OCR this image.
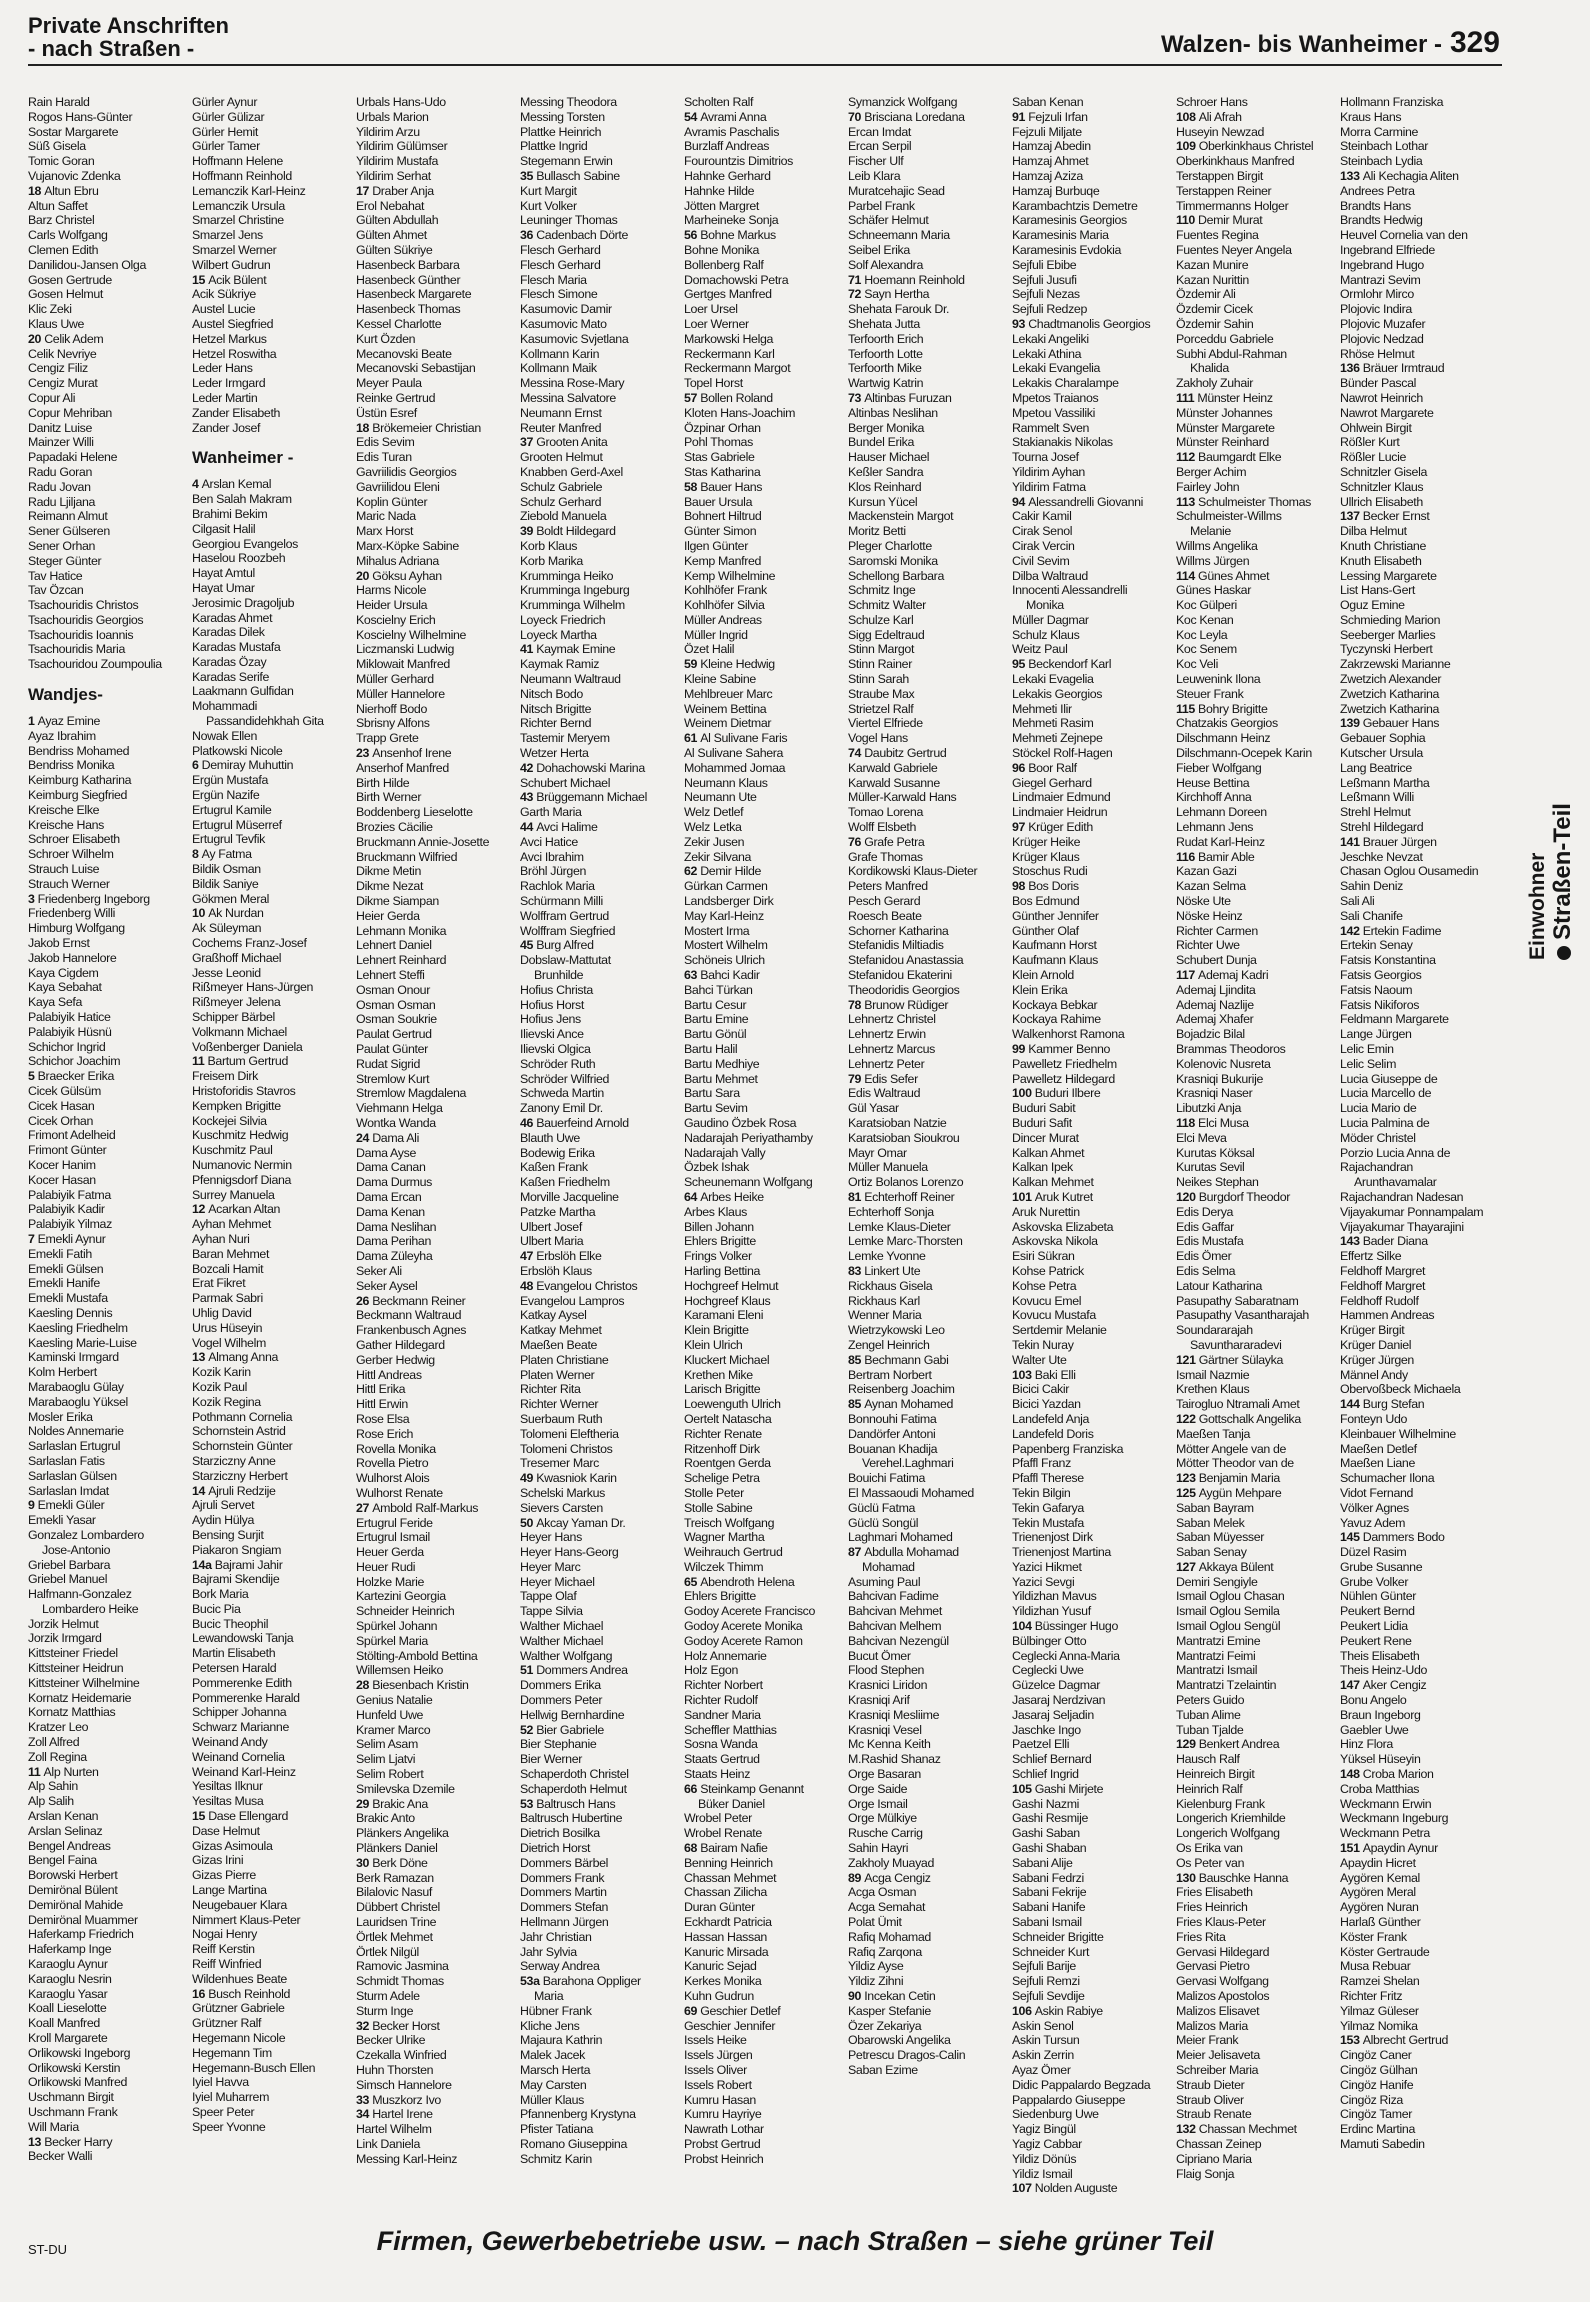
Private Anschriften
- nach Straßen -	Walzen- bis Wanheimer - 329
Rain Harald
Rogos Hans-Günter
Sostar Margarete
Süß Gisela
Tomic Goran
Vujanovic Zdenka
18 Altun Ebru
Altun Saffet
Barz Christel
Carls Wolfgang
Clemen Edith
Danilidou-Jansen Olga
Gosen Gertrude
Gosen Helmut
Klic Zeki
Klaus Uwe
20 Celik Adem
Celik Nevriye
Cengiz Filiz
Cengiz Murat
Copur Ali
Copur Mehriban
Danitz Luise
Mainzer Willi
Papadaki Helene
Radu Goran
Radu Jovan
Radu Ljiljana
Reimann Almut
Sener Gülseren
Sener Orhan
Steger Günter
Tav Hatice
Tav Özcan
Tsachouridis Christos
Tsachouridis Georgios
Tsachouridis Ioannis
Tsachouridis Maria
Tsachouridou Zoumpoulia
Wandjes-
1 Ayaz Emine
Ayaz Ibrahim
Bendriss Mohamed
Bendriss Monika
Keimburg Katharina
Keimburg Siegfried
Kreische Elke
Kreische Hans
Schroer Elisabeth
Schroer Wilhelm
Strauch Luise
Strauch Werner
3 Friedenberg Ingeborg
Friedenberg Willi
Himburg Wolfgang
Jakob Ernst
Jakob Hannelore
Kaya Cigdem
Kaya Sebahat
Kaya Sefa
Palabiyik Hatice
Palabiyik Hüsnü
Schichor Ingrid
Schichor Joachim
5 Braecker Erika
Cicek Gülsüm
Cicek Hasan
Cicek Orhan
Frimont Adelheid
Frimont Günter
Kocer Hanim
Kocer Hasan
Palabiyik Fatma
Palabiyik Kadir
Palabiyik Yilmaz
7 Emekli Aynur
Emekli Fatih
Emekli Gülsen
Emekli Hanife
Emekli Mustafa
Kaesling Dennis
Kaesling Friedhelm
Kaesling Marie-Luise
Kaminski Irmgard
Kolm Herbert
Marabaoglu Gülay
Marabaoglu Yüksel
Mosler Erika
Noldes Annemarie
Sarlaslan Ertugrul
Sarlaslan Fatis
Sarlaslan Gülsen
Sarlaslan Imdat
9 Emekli Güler
Emekli Yasar
Gonzalez Lombardero
Jose-Antonio
Griebel Barbara
Griebel Manuel
Halfmann-Gonzalez
Lombardero Heike
Jorzik Helmut
Jorzik Irmgard
Kittsteiner Friedel
Kittsteiner Heidrun
Kittsteiner Wilhelmine
Kornatz Heidemarie
Kornatz Matthias
Kratzer Leo
Zoll Alfred
Zoll Regina
11 Alp Nurten
Alp Sahin
Alp Salih
Arslan Kenan
Arslan Selinaz
Bengel Andreas
Bengel Faina
Borowski Herbert
Demirönal Bülent
Demirönal Mahide
Demirönal Muammer
Haferkamp Friedrich
Haferkamp Inge
Karaoglu Aynur
Karaoglu Nesrin
Karaoglu Yasar
Koall Lieselotte
Koall Manfred
Kroll Margarete
Orlikowski Ingeborg
Orlikowski Kerstin
Orlikowski Manfred
Uschmann Birgit
Uschmann Frank
Will Maria
13 Becker Harry
Becker Walli
Gürler Aynur
Gürler Gülizar
Gürler Hemit
Gürler Tamer
Hoffmann Helene
Hoffmann Reinhold
Lemanczik Karl-Heinz
Lemanczik Ursula
Smarzel Christine
Smarzel Jens
Smarzel Werner
Wilbert Gudrun
15 Acik Bülent
Acik Sükriye
Austel Lucie
Austel Siegfried
Hetzel Markus
Hetzel Roswitha
Leder Hans
Leder Irmgard
Leder Martin
Zander Elisabeth
Zander Josef
Wanheimer -
4 Arslan Kemal
Ben Salah Makram
Brahimi Bekim
Cilgasit Halil
Georgiou Evangelos
Haselou Roozbeh
Hayat Amtul
Hayat Umar
Jerosimic Dragoljub
Karadas Ahmet
Karadas Dilek
Karadas Mustafa
Karadas Özay
Karadas Serife
Laakmann Gulfidan
Mohammadi
Passandidehkhah Gita
Nowak Ellen
Platkowski Nicole
6 Demiray Muhuttin
Ergün Mustafa
Ergün Nazife
Ertugrul Kamile
Ertugrul Müserref
Ertugrul Tevfik
8 Ay Fatma
Bildik Osman
Bildik Saniye
Gökmen Meral
10 Ak Nurdan
Ak Süleyman
Cochems Franz-Josef
Graßhoff Michael
Jesse Leonid
Rißmeyer Hans-Jürgen
Rißmeyer Jelena
Schipper Bärbel
Volkmann Michael
Voßenberger Daniela
11 Bartum Gertrud
Freisem Dirk
Hristoforidis Stavros
Kempken Brigitte
Kockejei Silvia
Kuschmitz Hedwig
Kuschmitz Paul
Numanovic Nermin
Pfennigsdorf Diana
Surrey Manuela
12 Acarkan Altan
Ayhan Mehmet
Ayhan Nuri
Baran Mehmet
Bozcali Hamit
Erat Fikret
Parmak Sabri
Uhlig David
Urus Hüseyin
Vogel Wilhelm
13 Almang Anna
Kozik Karin
Kozik Paul
Kozik Regina
Pothmann Cornelia
Schornstein Astrid
Schornstein Günter
Starziczny Anne
Starziczny Herbert
14 Ajruli Redzije
Ajruli Servet
Aydin Hülya
Bensing Surjit
Piakaron Sngiam
14a Bajrami Jahir
Bajrami Skendije
Bork Maria
Bucic Pia
Bucic Theophil
Lewandowski Tanja
Martin Elisabeth
Petersen Harald
Pommerenke Edith
Pommerenke Harald
Schipper Johanna
Schwarz Marianne
Weinand Andy
Weinand Cornelia
Weinand Karl-Heinz
Yesiltas Ilknur
Yesiltas Musa
15 Dase Ellengard
Dase Helmut
Gizas Asimoula
Gizas Irini
Gizas Pierre
Lange Martina
Neugebauer Klara
Nimmert Klaus-Peter
Nogai Henry
Reiff Kerstin
Reiff Winfried
Wildenhues Beate
16 Busch Reinhold
Grützner Gabriele
Grützner Ralf
Hegemann Nicole
Hegemann Tim
Hegemann-Busch Ellen
Iyiel Havva
Iyiel Muharrem
Speer Peter
Speer Yvonne
Urbals Hans-Udo
Urbals Marion
Yildirim Arzu
Yildirim Gülümser
Yildirim Mustafa
Yildirim Serhat
17 Draber Anja
Erol Nebahat
Gülten Abdullah
Gülten Ahmet
Gülten Sükriye
Hasenbeck Barbara
Hasenbeck Günther
Hasenbeck Margarete
Hasenbeck Thomas
Kessel Charlotte
Kurt Özden
Mecanovski Beate
Mecanovski Sebastijan
Meyer Paula
Reinke Gertrud
Üstün Esref
18 Brökemeier Christian
Edis Sevim
Edis Turan
Gavriilidis Georgios
Gavriilidou Eleni
Koplin Günter
Maric Nada
Marx Horst
Marx-Köpke Sabine
Mihalus Adriana
20 Göksu Ayhan
Harms Nicole
Heider Ursula
Koscielny Erich
Koscielny Wilhelmine
Liczmanski Ludwig
Miklowait Manfred
Müller Gerhard
Müller Hannelore
Nierhoff Bodo
Sbrisny Alfons
Trapp Grete
23 Ansenhof Irene
Anserhof Manfred
Birth Hilde
Birth Werner
Boddenberg Lieselotte
Brozies Cäcilie
Bruckmann Annie-Josette
Bruckmann Wilfried
Dikme Metin
Dikme Nezat
Dikme Siampan
Heier Gerda
Lehmann Monika
Lehnert Daniel
Lehnert Reinhard
Lehnert Steffi
Osman Onour
Osman Osman
Osman Soukrie
Paulat Gertrud
Paulat Günter
Rudat Sigrid
Stremlow Kurt
Stremlow Magdalena
Viehmann Helga
Wontka Wanda
24 Dama Ali
Dama Ayse
Dama Canan
Dama Durmus
Dama Ercan
Dama Kenan
Dama Neslihan
Dama Perihan
Dama Züleyha
Seker Ali
Seker Aysel
26 Beckmann Reiner
Beckmann Waltraud
Frankenbusch Agnes
Gather Hildegard
Gerber Hedwig
Hittl Andreas
Hittl Erika
Hittl Erwin
Rose Elsa
Rose Erich
Rovella Monika
Rovella Pietro
Wulhorst Alois
Wulhorst Renate
27 Ambold Ralf-Markus
Ertugrul Feride
Ertugrul Ismail
Heuer Gerda
Heuer Rudi
Holzke Marie
Kartezini Georgia
Schneider Heinrich
Spürkel Johann
Spürkel Maria
Stölting-Ambold Bettina
Willemsen Heiko
28 Biesenbach Kristin
Genius Natalie
Hunfeld Uwe
Kramer Marco
Selim Asam
Selim Ljatvi
Selim Robert
Smilevska Dzemile
29 Brakic Ana
Brakic Anto
Plänkers Angelika
Plänkers Daniel
30 Berk Döne
Berk Ramazan
Bilalovic Nasuf
Dübbert Christel
Lauridsen Trine
Örtlek Mehmet
Örtlek Nilgül
Ramovic Jasmina
Schmidt Thomas
Sturm Adele
Sturm Inge
32 Becker Horst
Becker Ulrike
Czekalla Winfried
Huhn Thorsten
Simsch Hannelore
33 Muszkorz Ivo
34 Hartel Irene
Hartel Wilhelm
Link Daniela
Messing Karl-Heinz
Messing Theodora
Messing Torsten
Plattke Heinrich
Plattke Ingrid
Stegemann Erwin
35 Bullasch Sabine
Kurt Margit
Kurt Volker
Leuninger Thomas
36 Cadenbach Dörte
Flesch Gerhard
Flesch Gerhard
Flesch Maria
Flesch Simone
Kasumovic Damir
Kasumovic Mato
Kasumovic Svjetlana
Kollmann Karin
Kollmann Maik
Messina Rose-Mary
Messina Salvatore
Neumann Ernst
Reuter Manfred
37 Grooten Anita
Grooten Helmut
Knabben Gerd-Axel
Schulz Gabriele
Schulz Gerhard
Ziebold Manuela
39 Boldt Hildegard
Korb Klaus
Korb Marika
Krumminga Heiko
Krumminga Ingeburg
Krumminga Wilhelm
Loyeck Friedrich
Loyeck Martha
41 Kaymak Emine
Kaymak Ramiz
Neumann Waltraud
Nitsch Bodo
Nitsch Brigitte
Richter Bernd
Tastemir Meryem
Wetzer Herta
42 Dohachowski Marina
Schubert Michael
43 Brüggemann Michael
Garth Maria
44 Avci Halime
Avci Hatice
Avci Ibrahim
Bröhl Jürgen
Rachlok Maria
Schürmann Milli
Wolffram Gertrud
Wolffram Siegfried
45 Burg Alfred
Dobslaw-Mattutat
Brunhilde
Hofius Christa
Hofius Horst
Hofius Jens
Ilievski Ance
Ilievski Olgica
Schröder Ruth
Schröder Wilfried
Schweda Martin
Zanony Emil Dr.
46 Bauerfeind Arnold
Blauth Uwe
Bodewig Erika
Kaßen Frank
Kaßen Friedhelm
Morville Jacqueline
Patzke Martha
Ulbert Josef
Ulbert Maria
47 Erbslöh Elke
Erbslöh Klaus
48 Evangelou Christos
Evangelou Lampros
Katkay Aysel
Katkay Mehmet
Maeßen Beate
Platen Christiane
Platen Werner
Richter Rita
Richter Werner
Suerbaum Ruth
Tolomeni Eleftheria
Tolomeni Christos
Tresemer Marc
49 Kwasniok Karin
Schelski Markus
Sievers Carsten
50 Akcay Yaman Dr.
Heyer Hans
Heyer Hans-Georg
Heyer Marc
Heyer Michael
Tappe Olaf
Tappe Silvia
Walther Michael
Walther Michael
Walther Wolfgang
51 Dommers Andrea
Dommers Erika
Dommers Peter
Hellwig Bernhardine
52 Bier Gabriele
Bier Stephanie
Bier Werner
Schaperdoth Christel
Schaperdoth Helmut
53 Baltrusch Hans
Baltrusch Hubertine
Dietrich Bosilka
Dietrich Horst
Dommers Bärbel
Dommers Frank
Dommers Martin
Dommers Stefan
Hellmann Jürgen
Jahr Christian
Jahr Sylvia
Serway Andrea
53a Barahona Oppliger
Maria
Hübner Frank
Kliche Jens
Majaura Kathrin
Malek Jacek
Marsch Herta
May Carsten
Müller Klaus
Pfannenberg Krystyna
Pfister Tatiana
Romano Giuseppina
Schmitz Karin
Scholten Ralf
54 Avrami Anna
Avramis Paschalis
Burzlaff Andreas
Fourountzis Dimitrios
Hahnke Gerhard
Hahnke Hilde
Jötten Margret
Marheineke Sonja
56 Bohne Markus
Bohne Monika
Bollenberg Ralf
Domachowski Petra
Gertges Manfred
Loer Ursel
Loer Werner
Markowski Helga
Reckermann Karl
Reckermann Margot
Topel Horst
57 Bollen Roland
Kloten Hans-Joachim
Özpinar Orhan
Pohl Thomas
Stas Gabriele
Stas Katharina
58 Bauer Hans
Bauer Ursula
Bohnert Hiltrud
Günter Simon
Ilgen Günter
Kemp Manfred
Kemp Wilhelmine
Kohlhöfer Frank
Kohlhöfer Silvia
Müller Andreas
Müller Ingrid
Özet Halil
59 Kleine Hedwig
Kleine Sabine
Mehlbreuer Marc
Weinem Bettina
Weinem Dietmar
61 Al Sulivane Faris
Al Sulivane Sahera
Mohammed Jomaa
Neumann Klaus
Neumann Ute
Welz Detlef
Welz Letka
Zekir Jusen
Zekir Silvana
62 Demir Hilde
Gürkan Carmen
Landsberger Dirk
May Karl-Heinz
Mostert Irma
Mostert Wilhelm
Schöneis Ulrich
63 Bahci Kadir
Bahci Türkan
Bartu Cesur
Bartu Emine
Bartu Gönül
Bartu Halil
Bartu Medhiye
Bartu Mehmet
Bartu Sara
Bartu Sevim
Gaudino Özbek Rosa
Nadarajah Periyathamby
Nadarajah Vally
Özbek Ishak
Scheunemann Wolfgang
64 Arbes Heike
Arbes Klaus
Billen Johann
Ehlers Brigitte
Frings Volker
Harling Bettina
Hochgreef Helmut
Hochgreef Klaus
Karamani Eleni
Klein Brigitte
Klein Ulrich
Kluckert Michael
Krethen Mike
Larisch Brigitte
Loewenguth Ulrich
Oertelt Natascha
Richter Renate
Ritzenhoff Dirk
Roentgen Gerda
Schelige Petra
Stolle Peter
Stolle Sabine
Treisch Wolfgang
Wagner Martha
Weihrauch Gertrud
Wilczek Thimm
65 Abendroth Helena
Ehlers Brigitte
Godoy Acerete Francisco
Godoy Acerete Monika
Godoy Acerete Ramon
Holz Annemarie
Holz Egon
Richter Norbert
Richter Rudolf
Sandner Maria
Scheffler Matthias
Sosna Wanda
Staats Gertrud
Staats Heinz
66 Steinkamp Genannt
Büker Daniel
Wrobel Peter
Wrobel Renate
68 Bairam Nafie
Benning Heinrich
Chassan Mehmet
Chassan Zilicha
Duran Günter
Eckhardt Patricia
Hassan Hassan
Kanuric Mirsada
Kanuric Sejad
Kerkes Monika
Kuhn Gudrun
69 Geschier Detlef
Geschier Jennifer
Issels Heike
Issels Jürgen
Issels Oliver
Issels Robert
Kumru Hasan
Kumru Hayriye
Nawrath Lothar
Probst Gertrud
Probst Heinrich
Symanzick Wolfgang
70 Brisciana Loredana
Ercan Imdat
Ercan Serpil
Fischer Ulf
Leib Klara
Muratcehajic Sead
Parbel Frank
Schäfer Helmut
Schneemann Maria
Seibel Erika
Solf Alexandra
71 Hoemann Reinhold
72 Sayn Hertha
Shehata Farouk Dr.
Shehata Jutta
Terfoorth Erich
Terfoorth Lotte
Terfoorth Mike
Wartwig Katrin
73 Altinbas Furuzan
Altinbas Neslihan
Berger Monika
Bundel Erika
Hauser Michael
Keßler Sandra
Klos Reinhard
Kursun Yücel
Mackenstein Margot
Moritz Betti
Pleger Charlotte
Saromski Monika
Schellong Barbara
Schmitz Inge
Schmitz Walter
Schulze Karl
Sigg Edeltraud
Stinn Margot
Stinn Rainer
Stinn Sarah
Straube Max
Strietzel Ralf
Viertel Elfriede
Vogel Hans
74 Daubitz Gertrud
Karwald Gabriele
Karwald Susanne
Müller-Karwald Hans
Tomao Lorena
Wolff Elsbeth
76 Grafe Petra
Grafe Thomas
Kordikowski Klaus-Dieter
Peters Manfred
Pesch Gerard
Roesch Beate
Schorner Katharina
Stefanidis Miltiadis
Stefanidou Anastassia
Stefanidou Ekaterini
Theodoridis Georgios
78 Brunow Rüdiger
Lehnertz Christel
Lehnertz Erwin
Lehnertz Marcus
Lehnertz Peter
79 Edis Sefer
Edis Waltraud
Gül Yasar
Karatsioban Natzie
Karatsioban Sioukrou
Mayr Omar
Müller Manuela
Ortiz Bolanos Lorenzo
81 Echterhoff Reiner
Echterhoff Sonja
Lemke Klaus-Dieter
Lemke Marc-Thorsten
Lemke Yvonne
83 Linkert Ute
Rickhaus Gisela
Rickhaus Karl
Wenner Maria
Wietrzykowski Leo
Zengel Heinrich
85 Bechmann Gabi
Bertram Norbert
Reisenberg Joachim
85 Aynan Mohamed
Bonnouhi Fatima
Dandörfer Antoni
Bouanan Khadija
Verehel.Laghmari
Bouichi Fatima
El Massaoudi Mohamed
Güclü Fatma
Güclü Songül
Laghmari Mohamed
87 Abdulla Mohamad
Mohamad
Asuming Paul
Bahcivan Fadime
Bahcivan Mehmet
Bahcivan Melhem
Bahcivan Nezengül
Bucut Ömer
Flood Stephen
Krasnici Liridon
Krasniqi Arif
Krasniqi Mesliime
Krasniqi Vesel
Mc Kenna Keith
M.Rashid Shanaz
Orge Basaran
Orge Saide
Orge Ismail
Orge Mülkiye
Rusche Carrig
Sahin Hayri
Zakholy Muayad
89 Acga Cengiz
Acga Osman
Acga Semahat
Polat Ümit
Rafiq Mohamad
Rafiq Zarqona
Yildiz Ayse
Yildiz Zihni
90 Incekan Cetin
Kasper Stefanie
Özer Zekariya
Obarowski Angelika
Petrescu Dragos-Calin
Saban Ezime
Saban Kenan
91 Fejzuli Irfan
Fejzuli Miljate
Hamzaj Abedin
Hamzaj Ahmet
Hamzaj Aziza
Hamzaj Burbuqe
Karambachtzis Demetre
Karamesinis Georgios
Karamesinis Maria
Karamesinis Evdokia
Sejfuli Ebibe
Sejfuli Jusufi
Sejfuli Nezas
Sejfuli Redzep
93 Chadtmanolis Georgios
Lekaki Angeliki
Lekaki Athina
Lekaki Evangelia
Lekakis Charalampe
Mpetos Traianos
Mpetou Vassiliki
Rammelt Sven
Stakianakis Nikolas
Tourna Josef
Yildirim Ayhan
Yildirim Fatma
94 Alessandrelli Giovanni
Cakir Kamil
Cirak Senol
Cirak Vercin
Civil Sevim
Dilba Waltraud
Innocenti Alessandrelli
Monika
Müller Dagmar
Schulz Klaus
Weitz Paul
95 Beckendorf Karl
Lekaki Evagelia
Lekakis Georgios
Mehmeti Ilir
Mehmeti Rasim
Mehmeti Zejnepe
Stöckel Rolf-Hagen
96 Boor Ralf
Giegel Gerhard
Lindmaier Edmund
Lindmaier Heidrun
97 Krüger Edith
Krüger Heike
Krüger Klaus
Stoschus Rudi
98 Bos Doris
Bos Edmund
Günther Jennifer
Günther Olaf
Kaufmann Horst
Kaufmann Klaus
Klein Arnold
Klein Erika
Kockaya Bebkar
Kockaya Rahime
Walkenhorst Ramona
99 Kammer Benno
Pawelletz Friedhelm
Pawelletz Hildegard
100 Buduri Ilbere
Buduri Sabit
Buduri Safit
Dincer Murat
Kalkan Ahmet
Kalkan Ipek
Kalkan Mehmet
101 Aruk Kutret
Aruk Nurettin
Askovska Elizabeta
Askovska Nikola
Esiri Sükran
Kohse Patrick
Kohse Petra
Kovucu Emel
Kovucu Mustafa
Sertdemir Melanie
Tekin Nuray
Walter Ute
103 Baki Elli
Bicici Cakir
Bicici Yazdan
Landefeld Anja
Landefeld Doris
Papenberg Franziska
Pfaffl Franz
Pfaffl Therese
Tekin Bilgin
Tekin Gafarya
Tekin Mustafa
Trienenjost Dirk
Trienenjost Martina
Yazici Hikmet
Yazici Sevgi
Yildizhan Mavus
Yildizhan Yusuf
104 Büssinger Hugo
Bülbinger Otto
Ceglecki Anna-Maria
Ceglecki Uwe
Güzelce Dagmar
Jasaraj Nerdzivan
Jasaraj Seljadin
Jaschke Ingo
Paetzel Elli
Schlief Bernard
Schlief Ingrid
105 Gashi Mirjete
Gashi Nazmi
Gashi Resmije
Gashi Saban
Gashi Shaban
Sabani Alije
Sabani Fedrzi
Sabani Fekrije
Sabani Hanife
Sabani Ismail
Schneider Brigitte
Schneider Kurt
Sejfuli Barije
Sejfuli Remzi
Sejfuli Sevdije
106 Askin Rabiye
Askin Senol
Askin Tursun
Askin Zerrin
Ayaz Ömer
Didic Pappalardo Begzada
Pappalardo Giuseppe
Siedenburg Uwe
Yagiz Bingül
Yagiz Cabbar
Yildiz Dönüs
Yildiz Ismail
107 Nolden Auguste
Schroer Hans
108 Ali Afrah
Huseyin Newzad
109 Oberkinkhaus Christel
Oberkinkhaus Manfred
Terstappen Birgit
Terstappen Reiner
Timmermanns Holger
110 Demir Murat
Fuentes Regina
Fuentes Neyer Angela
Kazan Munire
Kazan Nurittin
Özdemir Ali
Özdemir Cicek
Özdemir Sahin
Porceddu Gabriele
Subhi Abdul-Rahman
Khalida
Zakholy Zuhair
111 Münster Heinz
Münster Johannes
Münster Margarete
Münster Reinhard
112 Baumgardt Elke
Berger Achim
Fairley John
113 Schulmeister Thomas
Schulmeister-Willms
Melanie
Willms Angelika
Willms Jürgen
114 Günes Ahmet
Günes Haskar
Koc Gülperi
Koc Kenan
Koc Leyla
Koc Senem
Koc Veli
Leuwenink Ilona
Steuer Frank
115 Bohry Brigitte
Chatzakis Georgios
Dilschmann Heinz
Dilschmann-Ocepek Karin
Fieber Wolfgang
Heuse Bettina
Kirchhoff Anna
Lehmann Doreen
Lehmann Jens
Rudat Karl-Heinz
116 Bamir Able
Kazan Gazi
Kazan Selma
Nöske Ute
Nöske Heinz
Richter Carmen
Richter Uwe
Schubert Dunja
117 Ademaj Kadri
Ademaj Ljindita
Ademaj Nazlije
Ademaj Xhafer
Bojadzic Bilal
Brammas Theodoros
Kolenovic Nusreta
Krasniqi Bukurije
Krasniqi Naser
Libutzki Anja
118 Elci Musa
Elci Meva
Kurutas Köksal
Kurutas Sevil
Neikes Stephan
120 Burgdorf Theodor
Edis Derya
Edis Gaffar
Edis Mustafa
Edis Ömer
Edis Selma
Latour Katharina
Pasupathy Sabaratnam
Pasupathy Vasantharajah
Soundararajah
Savunthararadevi
121 Gärtner Sülayka
Ismail Nazmie
Krethen Klaus
Tairogluo Ntramali Amet
122 Gottschalk Angelika
Maeßen Tanja
Mötter Angele van de
Mötter Theodor van de
123 Benjamin Maria
125 Aygün Mehpare
Saban Bayram
Saban Melek
Saban Müyesser
Saban Senay
127 Akkaya Bülent
Demiri Sengiyle
Ismail Oglou Chasan
Ismail Oglou Semila
Ismail Oglou Sengül
Mantratzi Emine
Mantratzi Feimi
Mantratzi Ismail
Mantratzi Tzelaintin
Peters Guido
Tuban Alime
Tuban Tjalde
129 Benkert Andrea
Hausch Ralf
Heinreich Birgit
Heinrich Ralf
Kielenburg Frank
Longerich Kriemhilde
Longerich Wolfgang
Os Erika van
Os Peter van
130 Bauschke Hanna
Fries Elisabeth
Fries Heinrich
Fries Klaus-Peter
Fries Rita
Gervasi Hildegard
Gervasi Pietro
Gervasi Wolfgang
Malizos Apostolos
Malizos Elisavet
Malizos Maria
Meier Frank
Meier Jelisaveta
Schreiber Maria
Straub Dieter
Straub Oliver
Straub Renate
132 Chassan Mechmet
Chassan Zeinep
Cipriano Maria
Flaig Sonja
Hollmann Franziska
Kraus Hans
Morra Carmine
Steinbach Lothar
Steinbach Lydia
133 Ali Kechagia Aliten
Andrees Petra
Brandts Hans
Brandts Hedwig
Heuvel Cornelia van den
Ingebrand Elfriede
Ingebrand Hugo
Mantrazi Sevim
Ormlohr Mirco
Plojovic Indira
Plojovic Muzafer
Plojovic Nedzad
Rhöse Helmut
136 Bräuer Irmtraud
Bünder Pascal
Nawrot Heinrich
Nawrot Margarete
Ohlwein Birgit
Rößler Kurt
Rößler Lucie
Schnitzler Gisela
Schnitzler Klaus
Ullrich Elisabeth
137 Becker Ernst
Dilba Helmut
Knuth Christiane
Knuth Elisabeth
Lessing Margarete
List Hans-Gert
Oguz Emine
Schmieding Marion
Seeberger Marlies
Tyczynski Herbert
Zakrzewski Marianne
Zwetzich Alexander
Zwetzich Katharina
Zwetzich Katharina
139 Gebauer Hans
Gebauer Sophia
Kutscher Ursula
Lang Beatrice
Leßmann Martha
Leßmann Willi
Strehl Helmut
Strehl Hildegard
141 Brauer Jürgen
Jeschke Nevzat
Chasan Oglou Ousamedin
Sahin Deniz
Sali Ali
Sali Chanife
142 Ertekin Fadime
Ertekin Senay
Fatsis Konstantina
Fatsis Georgios
Fatsis Naoum
Fatsis Nikiforos
Feldmann Margarete
Lange Jürgen
Lelic Emin
Lelic Selim
Lucia Giuseppe de
Lucia Marcello de
Lucia Mario de
Lucia Palmina de
Möder Christel
Porzio Lucia Anna de
Rajachandran
Arunthavamalar
Rajachandran Nadesan
Vijayakumar Ponnampalam
Vijayakumar Thayarajini
143 Bader Diana
Effertz Silke
Feldhoff Margret
Feldhoff Margret
Feldhoff Rudolf
Hammen Andreas
Krüger Birgit
Krüger Daniel
Krüger Jürgen
Männel Andy
Obervoßbeck Michaela
144 Burg Stefan
Fonteyn Udo
Kleinbauer Wilhelmine
Maeßen Detlef
Maeßen Liane
Schumacher Ilona
Vidot Fernand
Völker Agnes
Yavuz Adem
145 Dammers Bodo
Düzel Rasim
Grube Susanne
Grube Volker
Nühlen Günter
Peukert Bernd
Peukert Lidia
Peukert Rene
Theis Elisabeth
Theis Heinz-Udo
147 Aker Cengiz
Bonu Angelo
Braun Ingeborg
Gaebler Uwe
Hinz Flora
Yüksel Hüseyin
148 Croba Marion
Croba Matthias
Weckmann Erwin
Weckmann Ingeburg
Weckmann Petra
151 Apaydin Aynur
Apaydin Hicret
Aygören Kemal
Aygören Meral
Aygören Nuran
Harlaß Günther
Köster Frank
Köster Gertraude
Musa Rebuar
Ramzei Shelan
Richter Fritz
Yilmaz Güleser
Yilmaz Nomika
153 Albrecht Gertrud
Cingöz Caner
Cingöz Gülhan
Cingöz Hanife
Cingöz Riza
Cingöz Tamer
Erdinc Martina
Mamuti Sabedin
Einwohner Straßen-Teil
ST-DU	Firmen, Gewerbebetriebe usw. – nach Straßen – siehe grüner Teil
